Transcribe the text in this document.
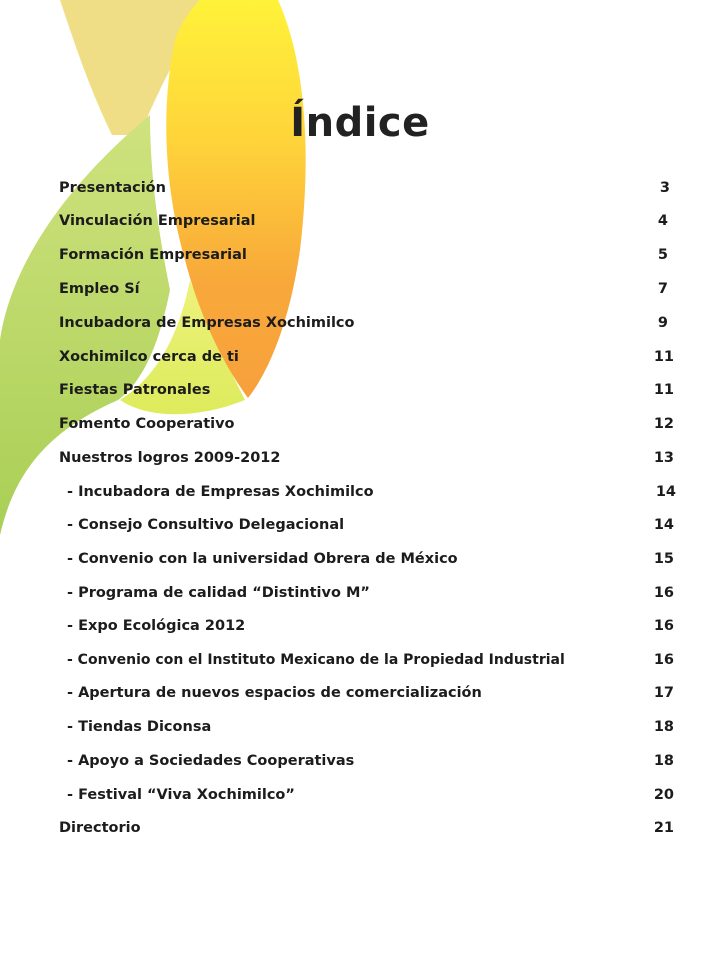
Índice
Presentación	3
Vinculación Empresarial	4
Formación Empresarial	5
Empleo Sí	7
Incubadora de Empresas Xochimilco	9
Xochimilco cerca de ti	11
Fiestas Patronales	11
Fomento Cooperativo	12
Nuestros logros 2009-2012	13
- Incubadora de Empresas Xochimilco	14
- Consejo Consultivo Delegacional	14
- Convenio con la universidad Obrera de México	15
- Programa de calidad “Distintivo M”	16
- Expo Ecológica 2012	16
- Convenio con el Instituto Mexicano de la Propiedad Industrial	16
- Apertura de nuevos espacios de comercialización	17
- Tiendas Diconsa	18
- Apoyo a Sociedades Cooperativas	18
- Festival “Viva Xochimilco”	20
Directorio	21
